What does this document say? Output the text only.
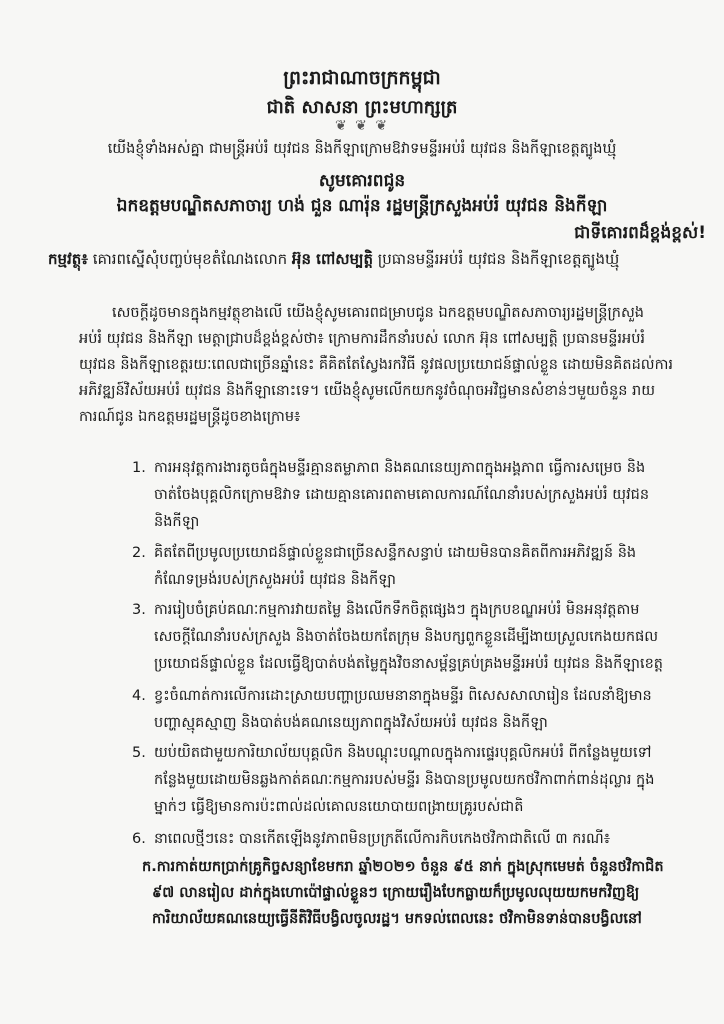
ព្រះរាជាណាចក្រកម្ពុជា
ជាតិ សាសនា ព្រះមហាក្សត្រ
❦ ❦ ❦
យើងខ្ញុំទាំងអស់គ្នា ជាមន្ត្រីអប់រំ យុវជន និងកីឡាក្រោមឱវាទមន្ទីរអប់រំ យុវជន និងកីឡាខេត្តត្បូងឃ្មុំ
សូមគោរពជូន
ឯកឧត្តមបណ្ឌិតសភាចារ្យ ហង់ ជួន ណារ៉ុន រដ្ឋមន្ត្រីក្រសួងអប់រំ យុវជន និងកីឡា
ជាទីគោរពដ៏ខ្ពង់ខ្ពស់!
កម្មវត្ថុ៖ គោរពស្នើសុំបញ្ចប់មុខតំណែងលោក អ៊ុន ពៅសម្បត្តិ ប្រធានមន្ទីរអប់រំ យុវជន និងកីឡាខេត្តត្បូងឃ្មុំ
សេចក្ដីដូចមានក្នុងកម្មវត្ថុខាងលើ យើងខ្ញុំសូមគោរពជម្រាបជូន ឯកឧត្តមបណ្ឌិតសភាចារ្យរដ្ឋមន្ត្រីក្រសួង
អប់រំ យុវជន និងកីឡា មេត្តាជ្រាបដ៏ខ្ពង់ខ្ពស់ថា៖ ក្រោមការដឹកនាំរបស់ លោក អ៊ុន ពៅសម្បត្តិ ប្រធានមន្ទីរអប់រំ
យុវជន និងកីឡាខេត្តរយៈពេលជាច្រើនឆ្នាំនេះ គឺគិតតែស្វែងរកវិធី នូវផលប្រយោជន៍ផ្ទាល់ខ្លួន ដោយមិនគិតដល់ការ
អភិវឌ្ឍន៍វិស័យអប់រំ យុវជន និងកីឡានោះទេ។ យើងខ្ញុំសូមលើកយកនូវចំណុចអវិជ្ជមានសំខាន់ៗមួយចំនួន រាយ
ការណ៍ជូន ឯកឧត្តមរដ្ឋមន្ត្រីដូចខាងក្រោម៖
1. ការអនុវត្តការងារតូចធំក្នុងមន្ទីរគ្មានតម្លាភាព និងគណនេយ្យភាពក្នុងអង្គភាព ធ្វើការសម្រេច និង
ចាត់ចែងបុគ្គលិកក្រោមឱវាទ ដោយគ្មានគោរពតាមគោលការណ៍ណែនាំរបស់ក្រសួងអប់រំ យុវជន
និងកីឡា
2. គិតតែពីប្រមូលប្រយោជន៍ផ្ទាល់ខ្លួនជាច្រើនសន្ទឹកសន្ធាប់ ដោយមិនបានគិតពីការអភិវឌ្ឍន៍ និង
កំណែទម្រង់របស់ក្រសួងអប់រំ យុវជន និងកីឡា
3. ការរៀបចំគ្រប់គណៈកម្មការវាយតម្លៃ និងលើកទឹកចិត្តផ្សេងៗ ក្នុងក្របខណ្ឌអប់រំ មិនអនុវត្តតាម
សេចក្ដីណែនាំរបស់ក្រសួង និងចាត់ចែងយកតែក្រុម និងបក្សពួកខ្លួនដើម្បីងាយស្រួលកេងយកផល
ប្រយោជន៍ផ្ទាល់ខ្លួន ដែលធ្វើឱ្យបាត់បង់តម្លៃក្នុងវិចនាសម្ព័ន្ធគ្រប់គ្រងមន្ទីរអប់រំ យុវជន និងកីឡាខេត្ត
4. ខ្វះចំណាត់ការលើការដោះស្រាយបញ្ហាប្រឈមនានាក្នុងមន្ទីរ ពិសេសសាលារៀន ដែលនាំឱ្យមាន
បញ្ហាស្មុគស្មាញ និងបាត់បង់គណនេយ្យភាពក្នុងវិស័យអប់រំ យុវជន និងកីឡា
5. យប់យិតជាមួយការិយាល័យបុគ្គលិក និងបណ្ដុះបណ្ដាលក្នុងការផ្ទេរបុគ្គលិកអប់រំ ពីកន្លែងមួយទៅ
កន្លែងមួយដោយមិនឆ្លងកាត់គណៈកម្មការរបស់មន្ទីរ និងបានប្រមូលយកថវិកាពាក់ពាន់ដុល្លារ ក្នុង
ម្នាក់ៗ ធ្វើឱ្យមានការប៉ះពាល់ដល់គោលនយោបាយពង្រាយគ្រូរបស់ជាតិ
6. នាពេលថ្មីៗនេះ បានកើតឡើងនូវភាពមិនប្រក្រតីលើការកិបកេងថវិកាជាតិលើ ៣ ករណី៖
ក.ការកាត់យកប្រាក់គ្រូកិច្ចសន្យាខែមករា ឆ្នាំ២០២១ ចំនួន ៩៥ នាក់ ក្នុងស្រុកមេមត់ ចំនួនថវិកាជិត
៩៧ លានរៀល ដាក់ក្នុងហោប៉ៅផ្ទាល់ខ្លួនៗ ក្រោយរឿងបែកធ្លាយក៏ប្រមូលលុយយកមកវិញឱ្យ
ការិយាល័យគណនេយ្យធ្វើនីតិវិធីបង្វិលចូលរដ្ឋ។ មកទល់ពេលនេះ ថវិកាមិនទាន់បានបង្វិលនៅ
